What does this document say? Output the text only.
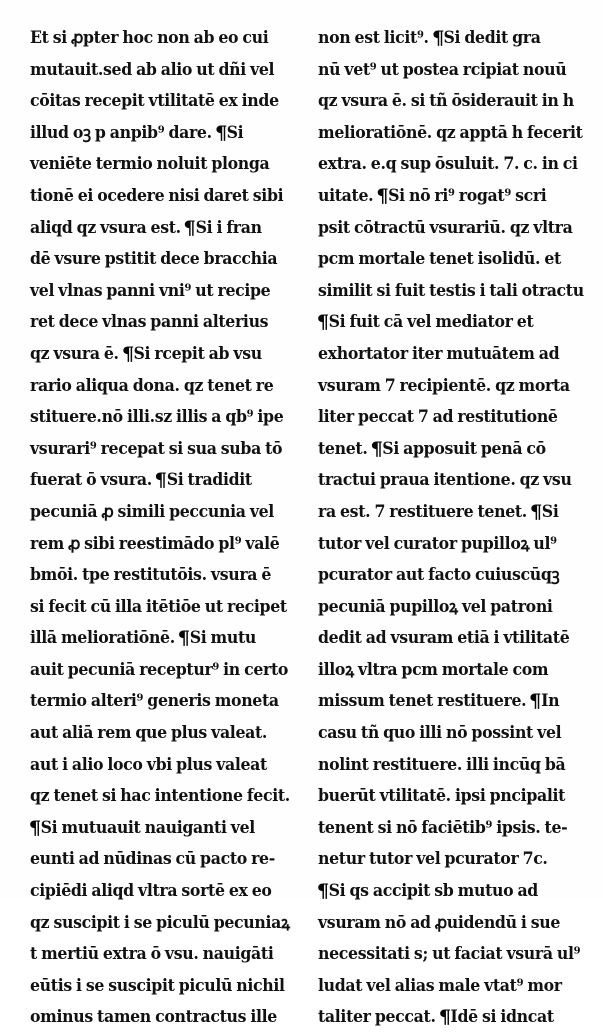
Et si ꝓpter hoc non ab eo cui
mutauit.sed ab alio ut dñi vel
cōitas recepit vtilitatē ex inde
illud oꝫ p anpib⁹ dare. ¶Si
veniēte termio noluit plonga
tionē ei ocedere nisi daret sibi
aliqd qz vsura est. ¶Si i fran
dē vsure pstitit dece bracchia
vel vlnas panni vni⁹ ut recipe
ret dece vlnas panni alterius
qz vsura ē. ¶Si rcepit ab vsu
rario aliqua dona. qz tenet re
stituere.nō illi.sz illis a qb⁹ ipe
vsurari⁹ recepat si sua suba tō
fuerat ō vsura. ¶Si tradidit
pecuniā ꝓ simili peccunia vel
rem ꝓ sibi reestimādo pl⁹ valē
bmōi. tpe restitutōis. vsura ē
si fecit cū illa itētiōe ut recipet
illā melioratiōnē. ¶Si mutu
auit pecuniā receptur⁹ in certo
termio alteri⁹ generis moneta
aut aliā rem que plus valeat.
aut i alio loco vbi plus valeat
qz tenet si hac intentione fecit.
¶Si mutuauit nauiganti vel
eunti ad nūdinas cū pacto re-
cipiēdi aliqd vltra sortē ex eo
qz suscipit i se piculū pecuniaꝝ
t mertiū extra ō vsu. nauigāti
eūtis i se suscipit piculū nichil
ominus tamen contractus ille
non est licit⁹. ¶Si dedit gra
nū vet⁹ ut postea rcipiat nouū
qz vsura ē. si tñ ōsiderauit in h
melioratiōnē. qz apptā h fecerit
extra. e.q sup ōsuluit. 7. c. in ci
uitate. ¶Si nō ri⁹ rogat⁹ scri
psit cōtractū vsurariū. qz vltra
pcm mortale tenet isolidū. et
similit si fuit testis i tali otractu
¶Si fuit cā vel mediator et
exhortator iter mutuātem ad
vsuram 7 recipientē. qz morta
liter peccat 7 ad restitutionē
tenet. ¶Si apposuit penā cō
tractui praua itentione. qz vsu
ra est. 7 restituere tenet. ¶Si
tutor vel curator pupilloꝝ ul⁹
pcurator aut facto cuiuscūqꝫ
pecuniā pupilloꝝ vel patroni
dedit ad vsuram etiā i vtilitatē
illoꝝ vltra pcm mortale com
missum tenet restituere. ¶In
casu tñ quo illi nō possint vel
nolint restituere. illi incūq bā
buerūt vtilitatē. ipsi pncipalit
tenent si nō faciētib⁹ ipsis. te-
netur tutor vel pcurator 7c.
¶Si qs accipit sb mutuo ad
vsuram nō ad ꝓuidendū i sue
necessitati s; ut faciat vsurā ul⁹
ludat vel alias male vtat⁹ mor
taliter peccat. ¶Idē si idncat
